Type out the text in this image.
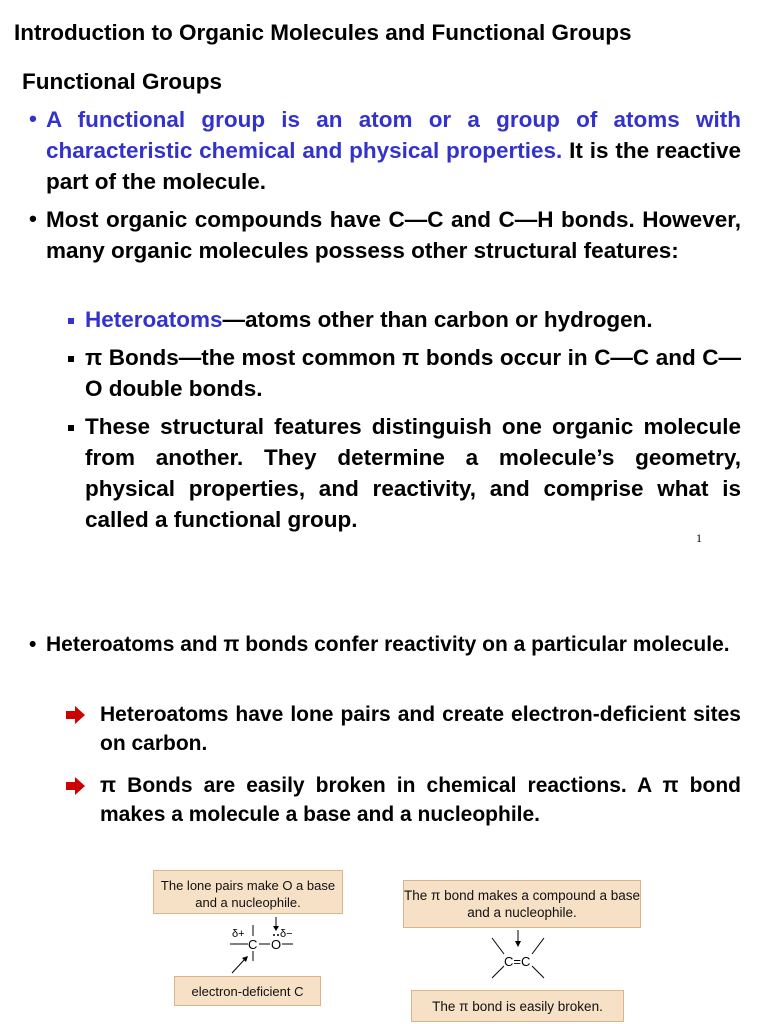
Introduction to Organic Molecules and Functional Groups
Functional Groups
• A functional group is an atom or a group of atoms with characteristic chemical and physical properties. It is the reactive part of the molecule.
• Most organic compounds have C—C and C—H bonds. However, many organic molecules possess other structural features:
Heteroatoms—atoms other than carbon or hydrogen.
π Bonds—the most common π bonds occur in C—C and C—O double bonds.
These structural features distinguish one organic molecule from another. They determine a molecule’s geometry, physical properties, and reactivity, and comprise what is called a functional group.
1
• Heteroatoms and π bonds confer reactivity on a particular molecule.
Heteroatoms have lone pairs and create electron-deficient sites on carbon.
π Bonds are easily broken in chemical reactions. A π bond makes a molecule a base and a nucleophile.
The lone pairs make O a base and a nucleophile.
electron-deficient C
The π bond makes a compound a base and a nucleophile.
The π bond is easily broken.
C O
δ+	δ−
C=C
